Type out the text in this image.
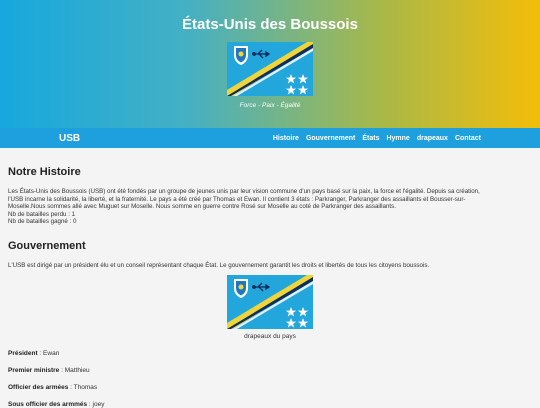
États-Unis des Boussois
Force - Paix - Égalité
USB	Histoire Gouvernement États Hymne drapeaux Contact
Notre Histoire

Les États-Unis des Boussois (USB) ont été fondés par un groupe de jeunes unis par leur vision commune d'un pays basé sur la paix, la force et l'égalité. Depuis sa création,

l'USB incarne la solidarité, la liberté, et la fraternité. Le pays a été créé par Thomas et Ewan. Il contient 3 états : Parkranger, Parkranger des assaillants et Bousser-sur-

Moselle.Nous sommes allé avec Muguet sur Moselle. Nous somme en guerre contre Rosé sur Moselle au coté de Parkranger des assaillants.

Nb de batailles perdu : 1

Nb de batailles gagné : 0

Gouvernement

L'USB est dirigé par un président élu et un conseil représentant chaque État. Le gouvernement garantit les droits et libertés de tous les citoyens boussois.

drapeaux du pays
Président : Ewan
Premier ministre : Matthieu
Officier des armées : Thomas
Sous officier des armmés : joey
